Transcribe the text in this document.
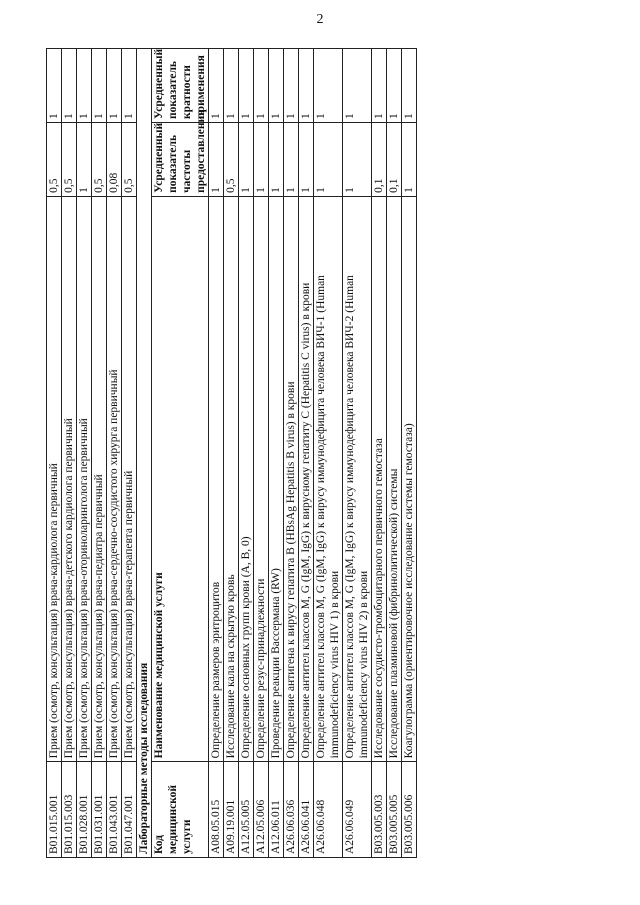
2
B01.015.001	Прием (осмотр, консультация) врача-кардиолога первичный	0,5	1
B01.015.003	Прием (осмотр, консультация) врача-детского кардиолога первичный	0,5	1
B01.028.001	Прием (осмотр, консультация) врача-оториноларинголога первичный	1	1
B01.031.001	Прием (осмотр, консультация) врача-педиатра первичный	0,5	1
B01.043.001	Прием (осмотр, консультация) врача-сердечно-сосудистого хирурга первичный	0,08	1
B01.047.001	Прием (осмотр, консультация) врача-терапевта первичный	0,5	1
Лабораторные методы исследования			
Код медицинской услуги	Наименование медицинской услуги	Усредненный показатель частоты предоставления	Усредненный показатель кратности применения
A08.05.015	Определение размеров эритроцитов	1	1
A09.19.001	Исследование кала на скрытую кровь	0,5	1
A12.05.005	Определение основных групп крови (A, B, 0)	1	1
A12.05.006	Определение резус-принадлежности	1	1
A12.06.011	Проведение реакции Вассермана (RW)	1	1
A26.06.036	Определение антигена к вирусу гепатита B (HBsAg Hepatitis B virus) в крови	1	1
A26.06.041	Определение антител классов M, G (IgM, IgG) к вирусному гепатиту C (Hepatitis C virus) в крови	1	1
A26.06.048	Определение антител классов M, G (IgM, IgG) к вирусу иммунодефицита человека ВИЧ-1 (Human immunodeficiency virus HIV 1) в крови	1	1
A26.06.049	Определение антител классов M, G (IgM, IgG) к вирусу иммунодефицита человека ВИЧ-2 (Human immunodeficiency virus HIV 2) в крови	1	1
B03.005.003	Исследование сосудисто-тромбоцитарного первичного гемостаза	0,1	1
B03.005.005	Исследование плазминовой (фибринолитической) системы	0,1	1
B03.005.006	Коагулограмма (ориентировочное исследование системы гемостаза)	1	1
